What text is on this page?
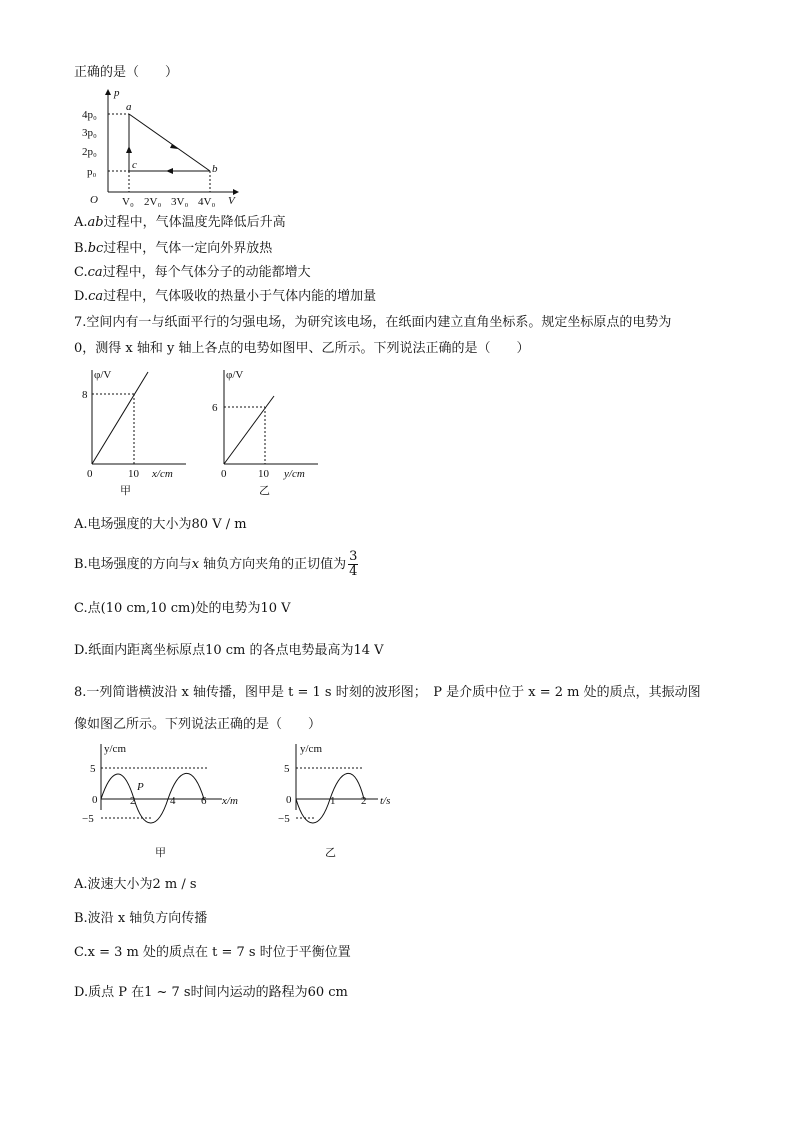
正确的是（　　）
p
V
O
4p₀
3p₀
2p₀
p₀
V₀ 2V₀ 3V₀ 4V₀
a
b
c
A.ab过程中，气体温度先降低后升高
B.bc过程中，气体一定向外界放热
C.ca过程中，每个气体分子的动能都增大
D.ca过程中，气体吸收的热量小于气体内能的增加量
7.空间内有一与纸面平行的匀强电场，为研究该电场，在纸面内建立直角坐标系。规定坐标原点的电势为
0，测得 x 轴和 y 轴上各点的电势如图甲、乙所示。下列说法正确的是（　　）
φ/V
8
0	10 x/cm
甲
φ/V
6
0	10 y/cm
乙
A.电场强度的大小为80 V / m
B.电场强度的方向与x 轴负方向夹角的正切值为 $\frac{3}{4}$
C.点(10 cm,10 cm)处的电势为10 V
D.纸面内距离坐标原点10 cm 的各点电势最高为14 V
8.一列简谐横波沿 x 轴传播，图甲是 t = 1 s 时刻的波形图；　P 是介质中位于 x = 2 m 处的质点，其振动图
像如图乙所示。下列说法正确的是（　　）
y/cm
5
0
−5
2	4 6
P
x/m
甲
y/cm
5
0
−5
1 2 t/s
乙
A.波速大小为2 m / s
B.波沿 x 轴负方向传播
C.x = 3 m 处的质点在 t = 7 s 时位于平衡位置
D.质点 P 在1 ~ 7 s时间内运动的路程为60 cm
